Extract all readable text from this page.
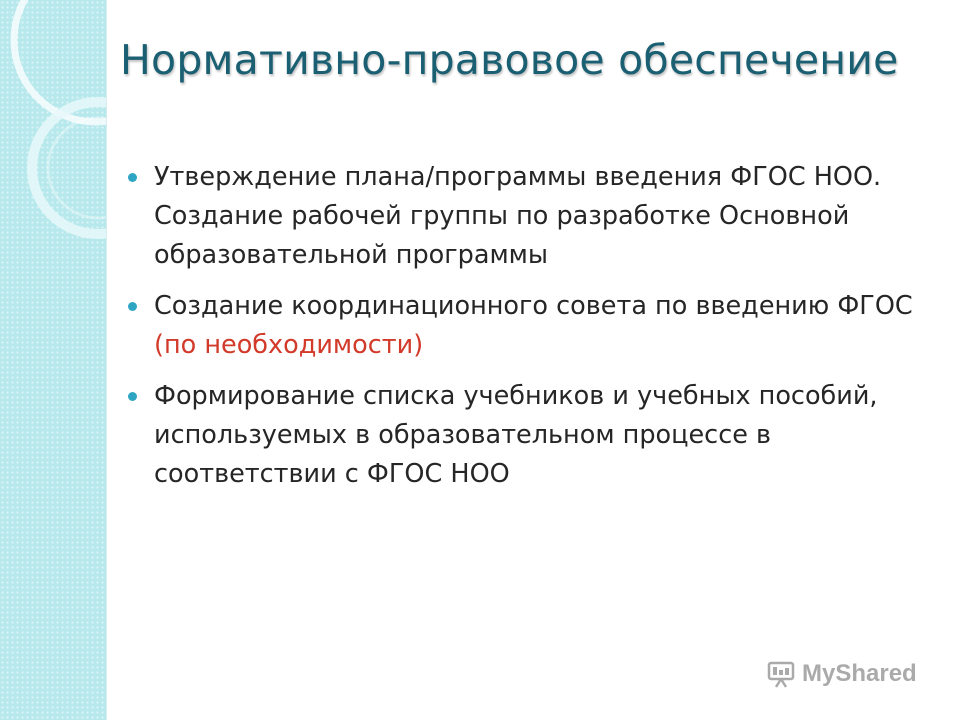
Нормативно-правовое обеспечение
Утверждение плана/программы введения ФГОС НОО. Создание рабочей группы по разработке Основной образовательной программы
Создание координационного совета по введению ФГОС (по необходимости)
Формирование списка учебников и учебных пособий, используемых в образовательном процессе в соответствии с ФГОС НОО
MyShared
